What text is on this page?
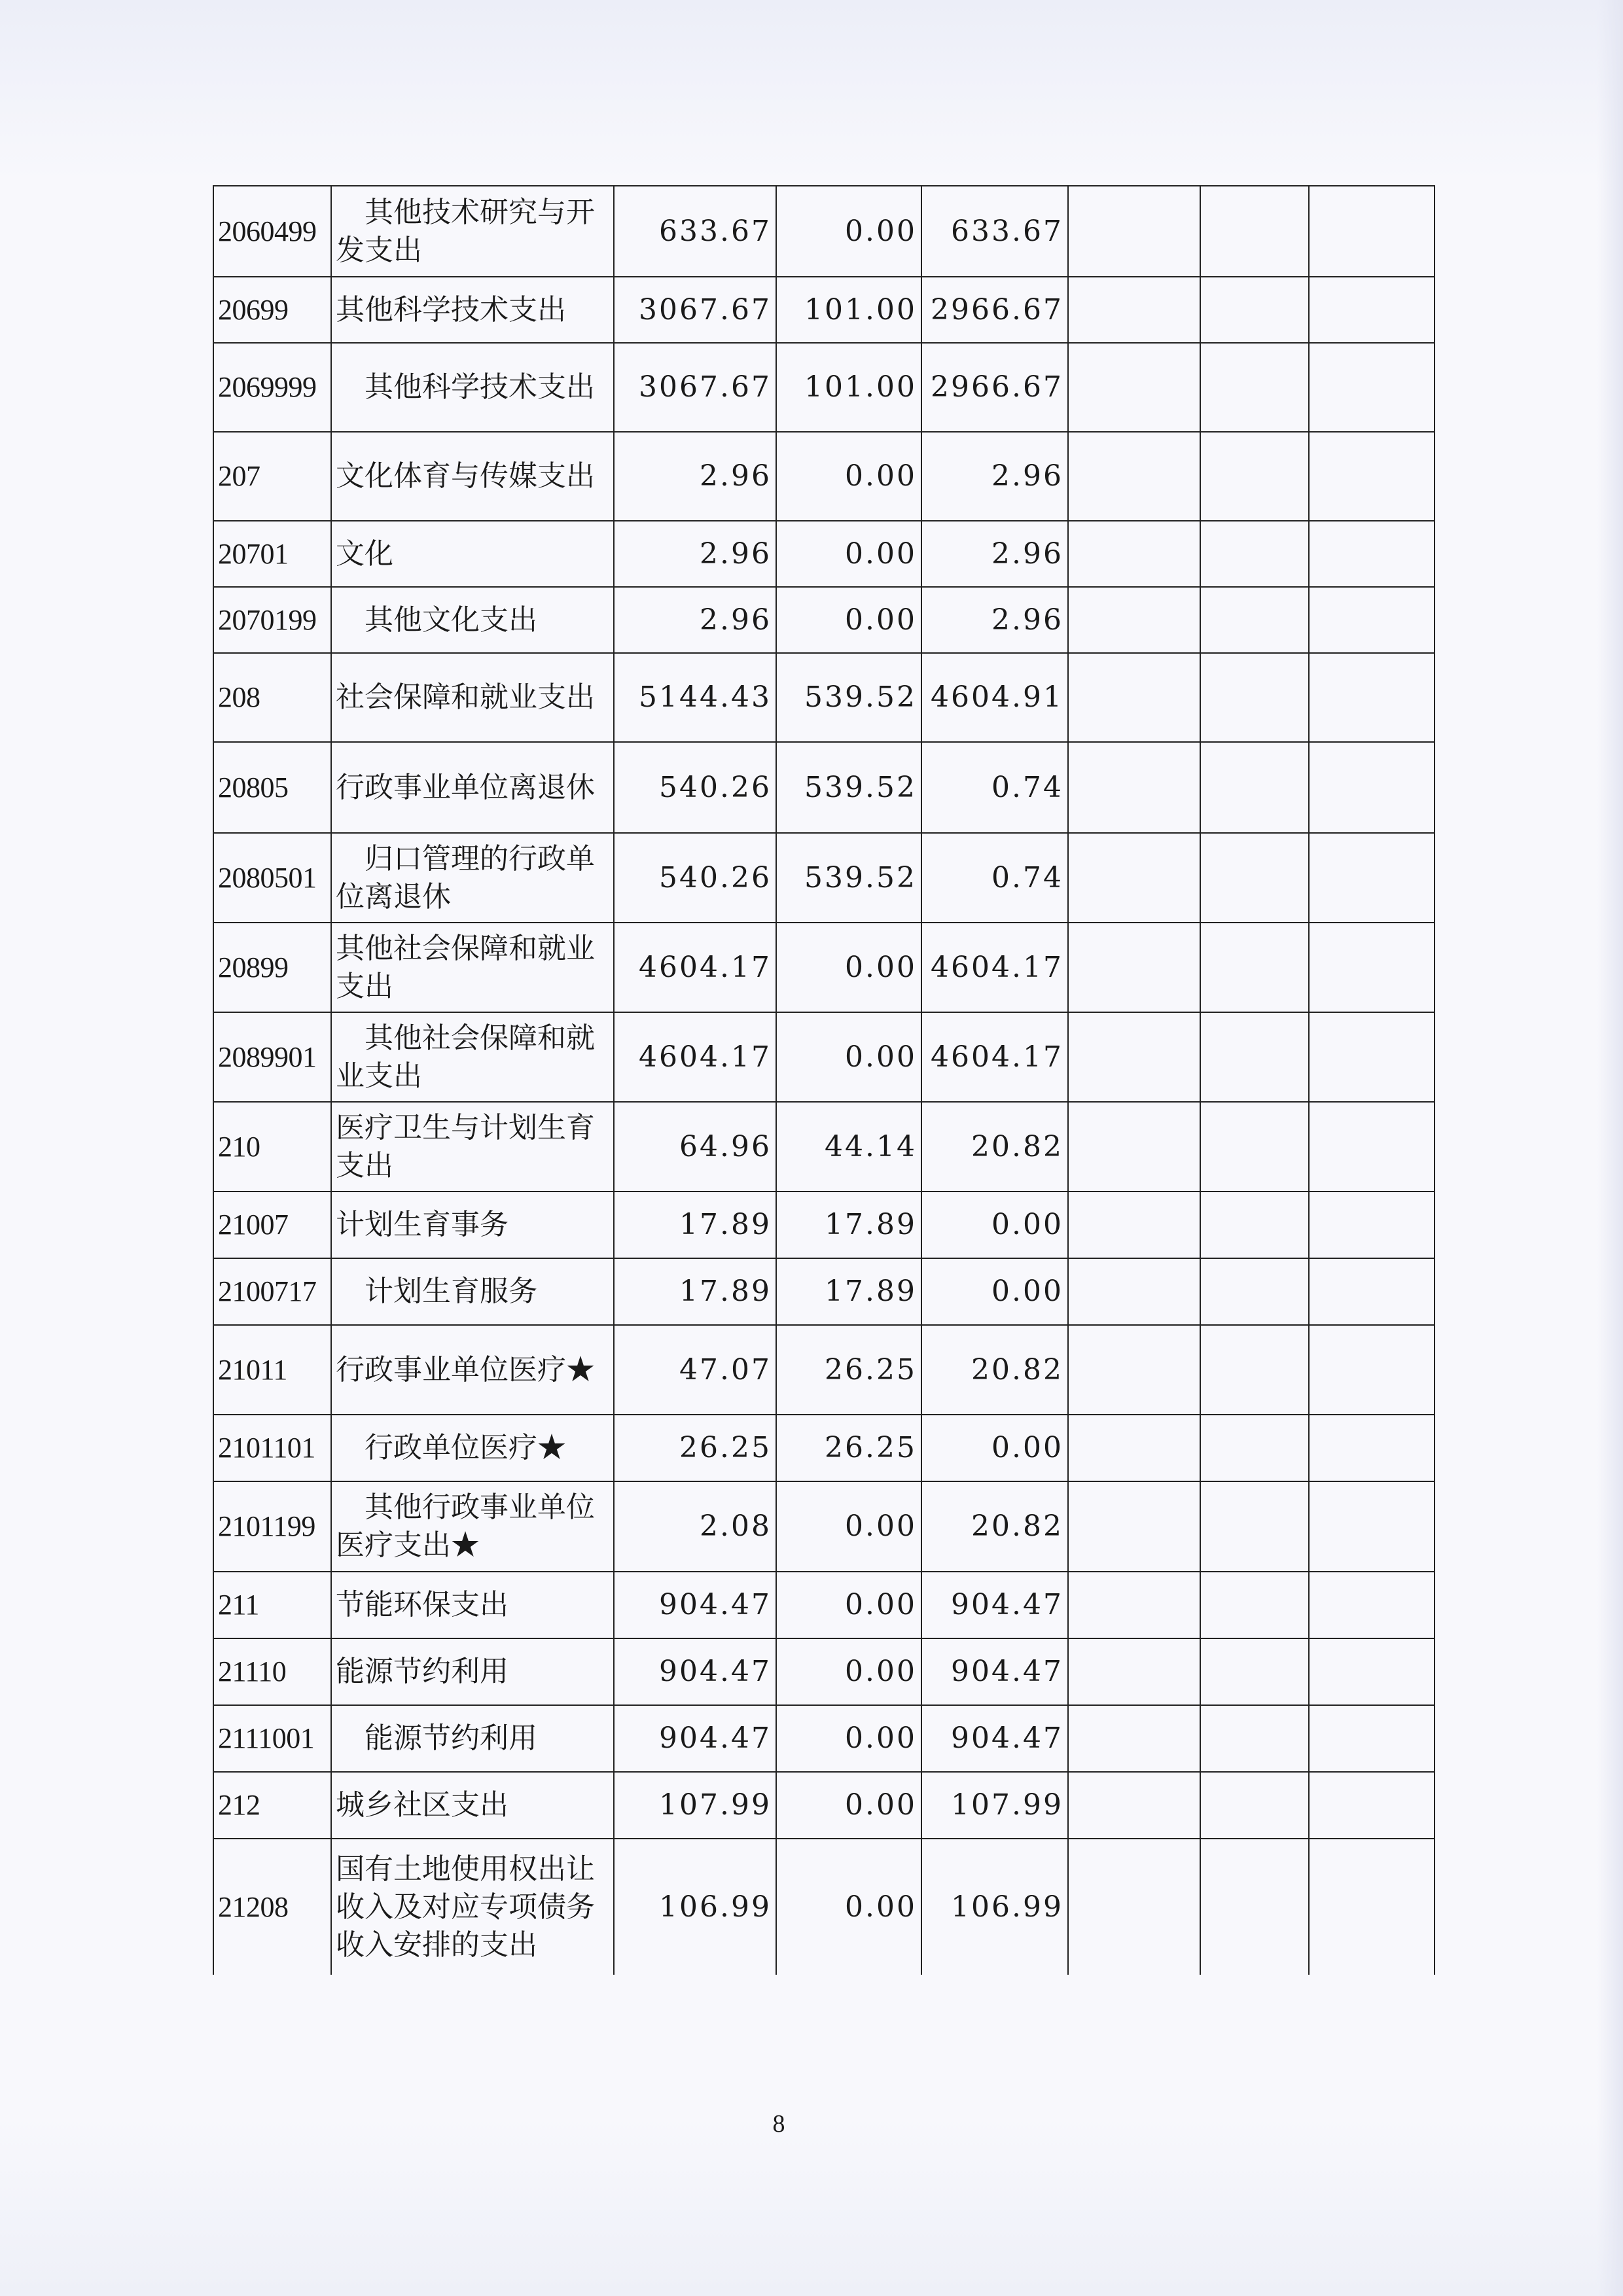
2060499	其他技术研究与开发支出	633.67	0.00	633.67			
20699	其他科学技术支出	3067.67	101.00	2966.67			
2069999	其他科学技术支出	3067.67	101.00	2966.67			
207	文化体育与传媒支出	2.96	0.00	2.96			
20701	文化	2.96	0.00	2.96			
2070199	其他文化支出	2.96	0.00	2.96			
208	社会保障和就业支出	5144.43	539.52	4604.91			
20805	行政事业单位离退休	540.26	539.52	0.74			
2080501	归口管理的行政单位离退休	540.26	539.52	0.74			
20899	其他社会保障和就业支出	4604.17	0.00	4604.17			
2089901	其他社会保障和就业支出	4604.17	0.00	4604.17			
210	医疗卫生与计划生育支出	64.96	44.14	20.82			
21007	计划生育事务	17.89	17.89	0.00			
2100717	计划生育服务	17.89	17.89	0.00			
21011	行政事业单位医疗★	47.07	26.25	20.82			
2101101	行政单位医疗★	26.25	26.25	0.00			
2101199	其他行政事业单位医疗支出★	2.08	0.00	20.82			
211	节能环保支出	904.47	0.00	904.47			
21110	能源节约利用	904.47	0.00	904.47			
2111001	能源节约利用	904.47	0.00	904.47			
212	城乡社区支出	107.99	0.00	107.99			
21208	国有土地使用权出让收入及对应专项债务收入安排的支出	106.99	0.00	106.99			
8
